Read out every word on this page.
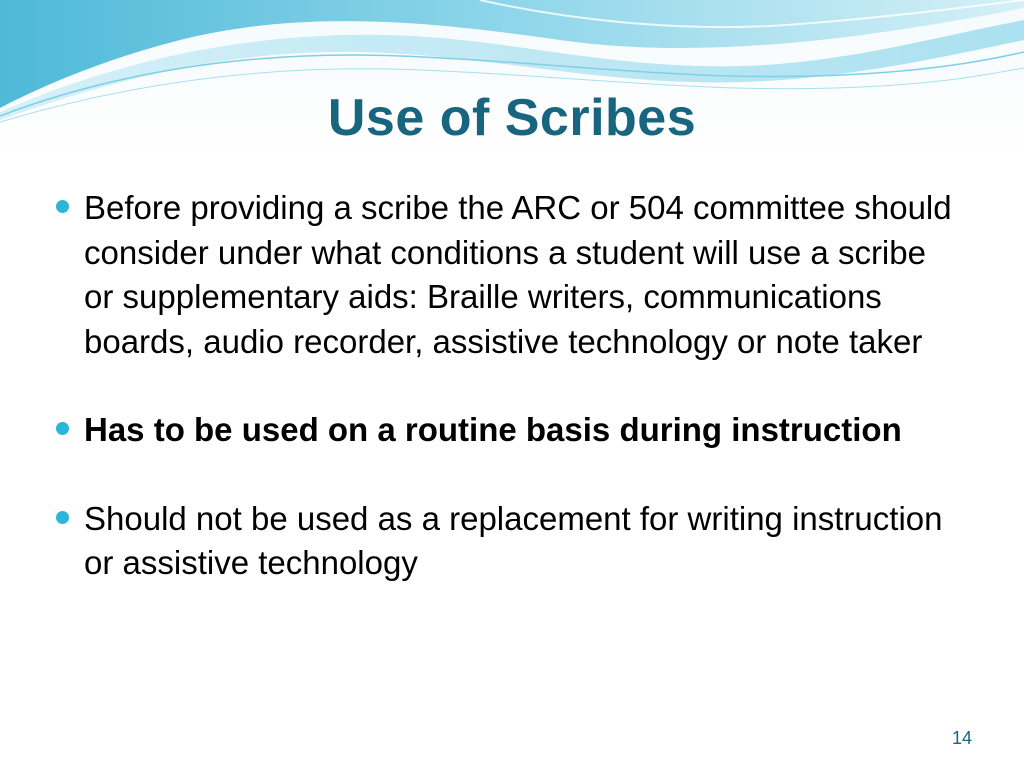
Use of Scribes
Before providing a scribe the ARC or 504 committee should consider under what conditions a student will use a scribe or supplementary aids: Braille writers, communications boards, audio recorder, assistive technology or note taker
Has to be used on a routine basis during instruction
Should not be used as a replacement for writing instruction or assistive technology
14
